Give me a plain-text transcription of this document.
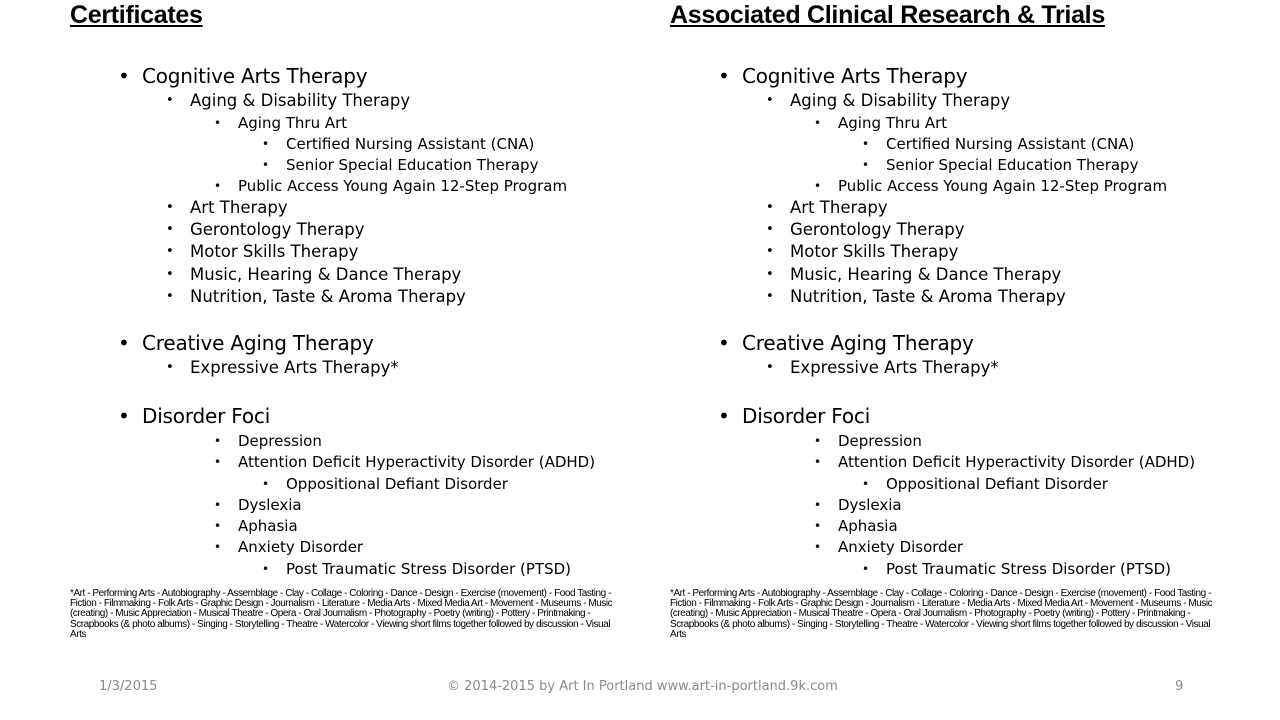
Certificates
• Cognitive Arts Therapy
• Aging & Disability Therapy
• Aging Thru Art
• Certified Nursing Assistant (CNA)
• Senior Special Education Therapy
• Public Access Young Again 12-Step Program
• Art Therapy
• Gerontology Therapy
• Motor Skills Therapy
• Music, Hearing & Dance Therapy
• Nutrition, Taste & Aroma Therapy
• Creative Aging Therapy
• Expressive Arts Therapy*
• Disorder Foci
• Depression
• Attention Deficit Hyperactivity Disorder (ADHD)
• Oppositional Defiant Disorder
• Dyslexia
• Aphasia
• Anxiety Disorder
• Post Traumatic Stress Disorder (PTSD)
*Art - Performing Arts - Autobiography - Assemblage - Clay - Collage - Coloring - Dance - Design - Exercise (movement) - Food Tasting - Fiction - Filmmaking - Folk Arts - Graphic Design - Journalism - Literature - Media Arts - Mixed Media Art - Movement - Museums - Music (creating) - Music Appreciation - Musical Theatre - Opera - Oral Journalism - Photography - Poetry (writing) - Pottery - Printmaking - Scrapbooks (& photo albums) - Singing - Storytelling - Theatre - Watercolor - Viewing short films together followed by discussion - Visual Arts
Associated Clinical Research & Trials
• Cognitive Arts Therapy
• Aging & Disability Therapy
• Aging Thru Art
• Certified Nursing Assistant (CNA)
• Senior Special Education Therapy
• Public Access Young Again 12-Step Program
• Art Therapy
• Gerontology Therapy
• Motor Skills Therapy
• Music, Hearing & Dance Therapy
• Nutrition, Taste & Aroma Therapy
• Creative Aging Therapy
• Expressive Arts Therapy*
• Disorder Foci
• Depression
• Attention Deficit Hyperactivity Disorder (ADHD)
• Oppositional Defiant Disorder
• Dyslexia
• Aphasia
• Anxiety Disorder
• Post Traumatic Stress Disorder (PTSD)
*Art - Performing Arts - Autobiography - Assemblage - Clay - Collage - Coloring - Dance - Design - Exercise (movement) - Food Tasting - Fiction - Filmmaking - Folk Arts - Graphic Design - Journalism - Literature - Media Arts - Mixed Media Art - Movement - Museums - Music (creating) - Music Appreciation - Musical Theatre - Opera - Oral Journalism - Photography - Poetry (writing) - Pottery - Printmaking - Scrapbooks (& photo albums) - Singing - Storytelling - Theatre - Watercolor - Viewing short films together followed by discussion - Visual Arts
1/3/2015	© 2014-2015 by Art In Portland www.art-in-portland.9k.com	9
